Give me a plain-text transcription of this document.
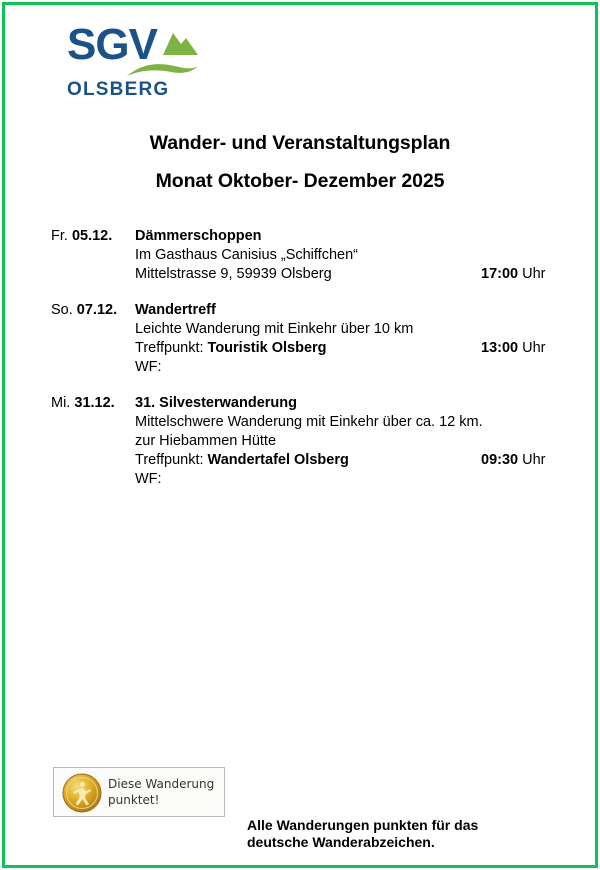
SGV
OLSBERG
Wander- und Veranstaltungsplan
Monat Oktober- Dezember 2025
Fr. 05.12.	Dämmerschoppen
Im Gasthaus Canisius „Schiffchen“
Mittelstrasse 9, 59939 Olsberg	17:00 Uhr
So. 07.12.	Wandertreff
Leichte Wanderung mit Einkehr über 10 km
Treffpunkt: Touristik Olsberg	13:00 Uhr
WF:
Mi. 31.12.	31. Silvesterwanderung
Mittelschwere Wanderung mit Einkehr über ca. 12 km.
zur Hiebammen Hütte
Treffpunkt: Wandertafel Olsberg	09:30 Uhr
WF:
Diese Wanderung
punktet!
Alle Wanderungen punkten für das
deutsche Wanderabzeichen.
